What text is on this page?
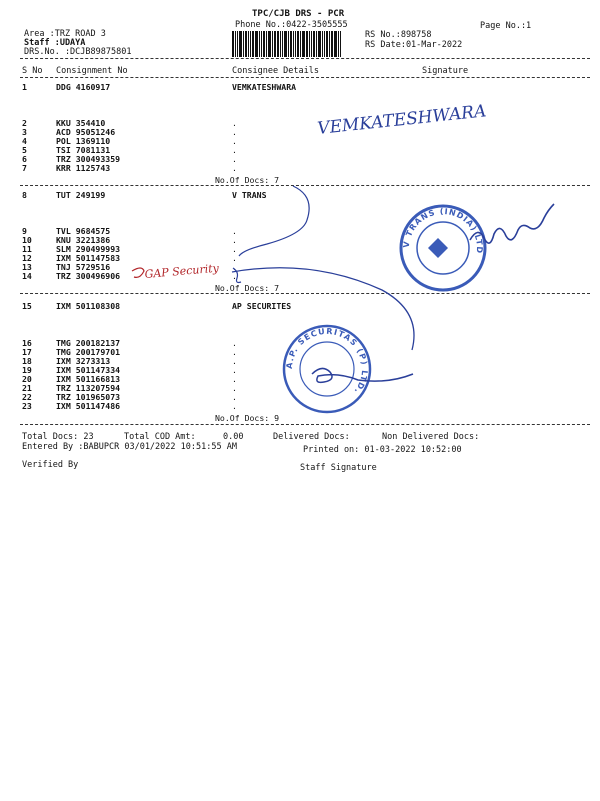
TPC/CJB DRS - PCR
Phone No.:0422-3505555	Page No.:1
Area :TRZ ROAD 3
Staff :UDAYA
DRS.No. :DCJB89875801
RS No.:898758
RS Date:01-Mar-2022
S No Consignment No	Consignee Details	Signature
1	DDG 4160917	VEMKATESHWARA
2	KKU 354410	.
3	ACD 95051246	.
4	POL 1369110	.
5	TSI 7081131	.
6	TRZ 300493359	.
7	KRR 1125743	.
No.Of Docs: 7
8	TUT 249199	V TRANS
9	TVL 9684575	.
10	KNU 3221386	.
11	SLM 290499993	.
12	IXM 501147583	.
13	TNJ 5729516	.
14	TRZ 300496906	.
No.Of Docs: 7
15	IXM 501108308	AP SECURITES
16	TMG 200182137	.
17	TMG 200179701	.
18	IXM 3273313	.
19	IXM 501147334	.
20	IXM 501166813	.
21	TRZ 113207594	.
22	TRZ 101965073	.
23	IXM 501147486	.
No.Of Docs: 9
Total Docs: 23	Total COD Amt:	0.00	Delivered Docs:	Non Delivered Docs:
Entered By :BABUPCR 03/01/2022 10:51:55 AM	Printed on: 01-03-2022 10:52:00
Verified By	Staff Signature
VEMKATESHWARA
V TRANS (INDIA) LTD
A.P. SECURITAS (P) LTD.
GAP Security
